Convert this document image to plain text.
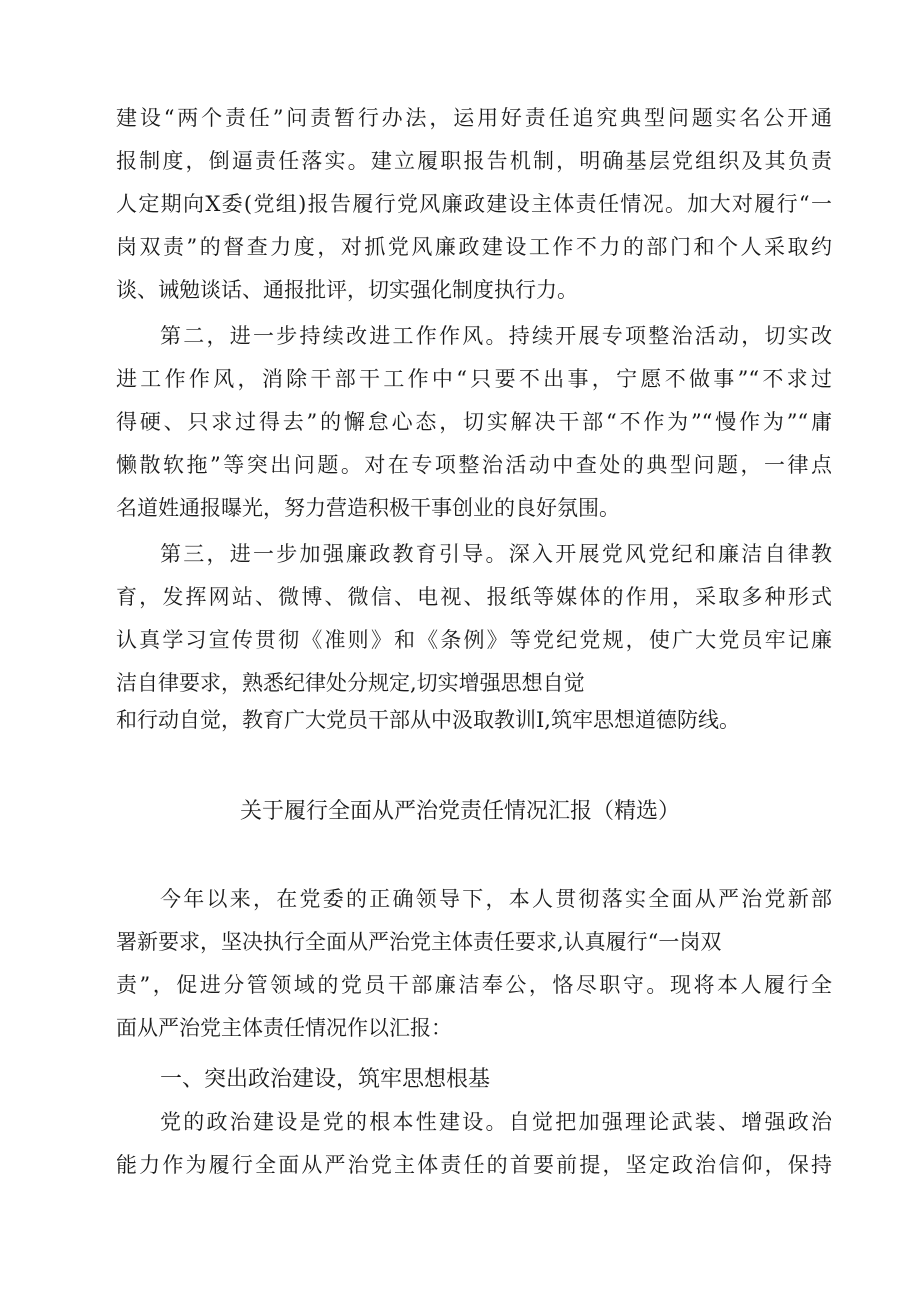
建设“两个责任”问责暂行办法，运用好责任追究典型问题实名公开通
报制度，倒逼责任落实。建立履职报告机制，明确基层党组织及其负责
人定期向X委(党组)报告履行党风廉政建设主体责任情况。加大对履行“一
岗双责”的督查力度，对抓党风廉政建设工作不力的部门和个人采取约
谈、诫勉谈话、通报批评，切实强化制度执行力。
第二，进一步持续改进工作作风。持续开展专项整治活动，切实改
进工作作风，消除干部干工作中“只要不出事，宁愿不做事”“不求过
得硬、只求过得去”的懈怠心态，切实解决干部“不作为”“慢作为”“庸
懒散软拖”等突出问题。对在专项整治活动中查处的典型问题，一律点
名道姓通报曝光，努力营造积极干事创业的良好氛围。
第三，进一步加强廉政教育引导。深入开展党风党纪和廉洁自律教
育，发挥网站、微博、微信、电视、报纸等媒体的作用，采取多种形式
认真学习宣传贯彻《准则》和《条例》等党纪党规，使广大党员牢记廉
洁自律要求，熟悉纪律处分规定,切实增强思想自觉
和行动自觉，教育广大党员干部从中汲取教训I,筑牢思想道德防线。
关于履行全面从严治党责任情况汇报（精选）
今年以来，在党委的正确领导下，本人贯彻落实全面从严治党新部
署新要求，坚决执行全面从严治党主体责任要求,认真履行“一岗双
责”，促进分管领域的党员干部廉洁奉公，恪尽职守。现将本人履行全
面从严治党主体责任情况作以汇报：
一、突出政治建设，筑牢思想根基
党的政治建设是党的根本性建设。自觉把加强理论武装、增强政治
能力作为履行全面从严治党主体责任的首要前提，坚定政治信仰，保持
